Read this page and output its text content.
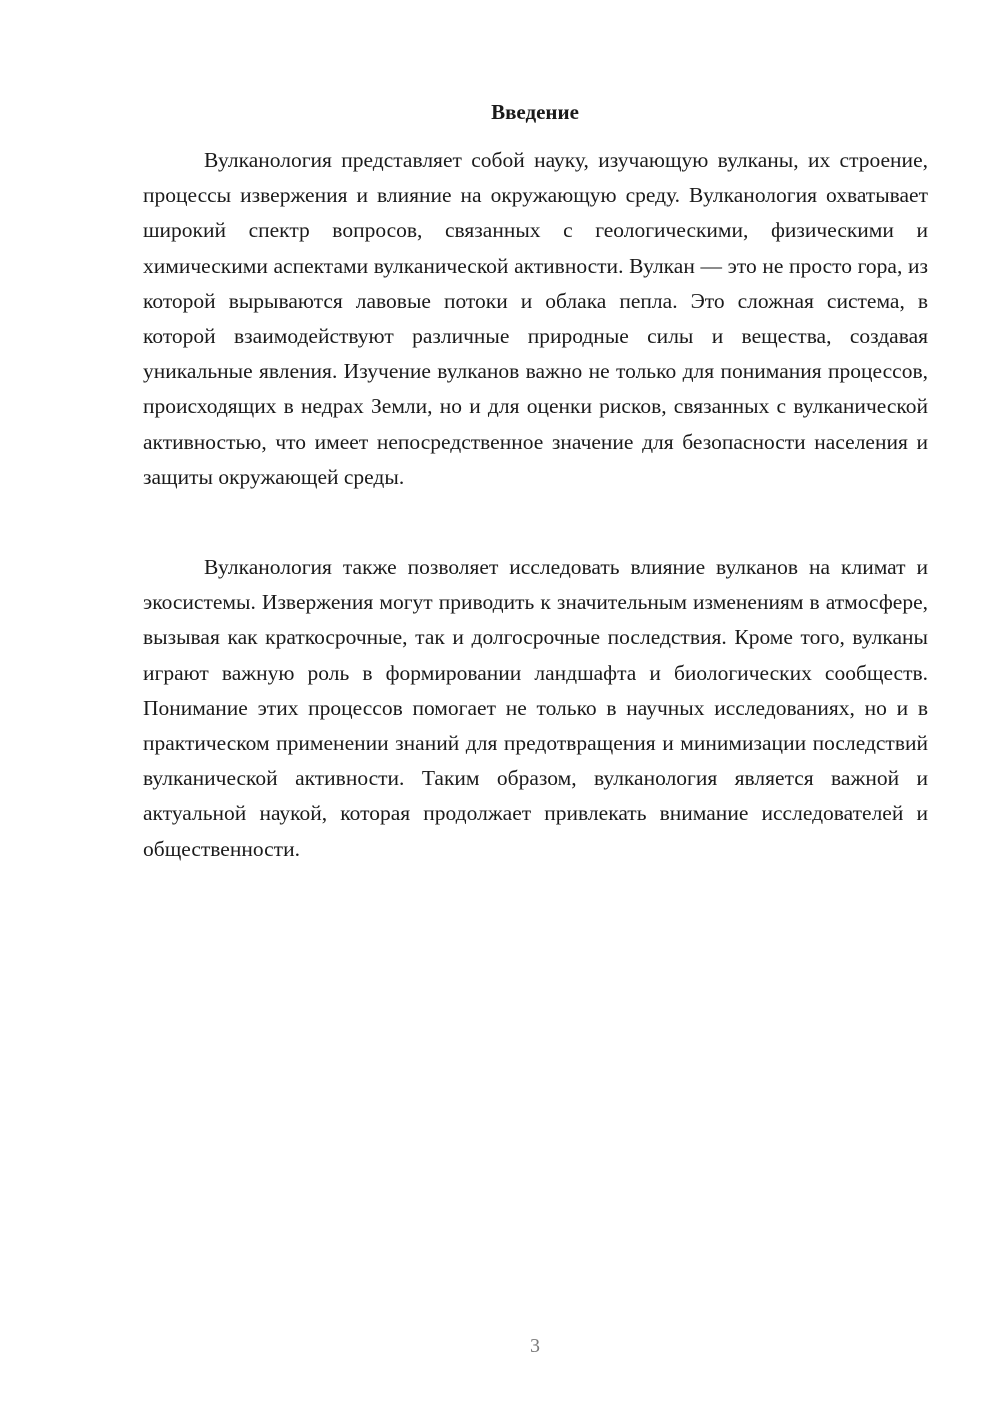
Введение

Вулканология представляет собой науку, изучающую вулканы, их строение, процессы извержения и влияние на окружающую среду. Вулканология охватывает широкий спектр вопросов, связанных с геологическими, физическими и химическими аспектами вулканической активности. Вулкан — это не просто гора, из которой вырываются лавовые потоки и облака пепла. Это сложная система, в которой взаимодействуют различные природные силы и вещества, создавая уникальные явления. Изучение вулканов важно не только для понимания процессов, происходящих в недрах Земли, но и для оценки рисков, связанных с вулканической активностью, что имеет непосредственное значение для безопасности населения и защиты окружающей среды.

Вулканология также позволяет исследовать влияние вулканов на климат и экосистемы. Извержения могут приводить к значительным изменениям в атмосфере, вызывая как краткосрочные, так и долгосрочные последствия. Кроме того, вулканы играют важную роль в формировании ландшафта и биологических сообществ. Понимание этих процессов помогает не только в научных исследованиях, но и в практическом применении знаний для предотвращения и минимизации последствий вулканической активности. Таким образом, вулканология является важной и актуальной наукой, которая продолжает привлекать внимание исследователей и общественности.

3
